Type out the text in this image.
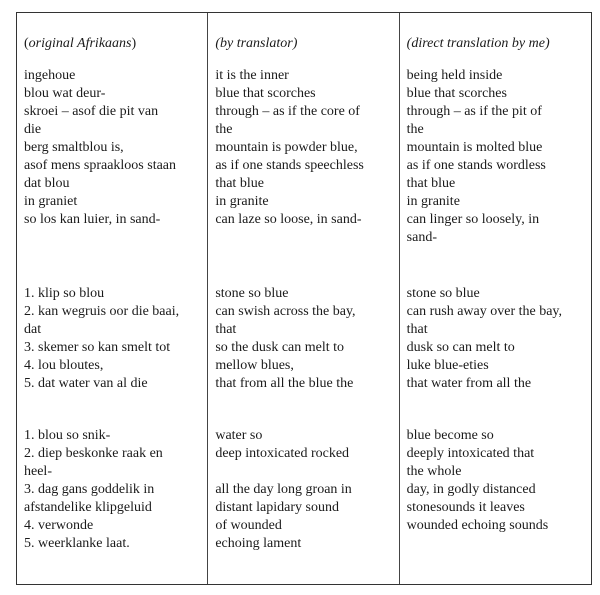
(original Afrikaans)
ingehoue
blou wat deur-
skroei – asof die pit van
die
berg smaltblou is,
asof mens spraakloos staan
dat blou
in graniet
so los kan luier, in sand-
1. klip so blou
2. kan wegruis oor die baai,
dat
3. skemer so kan smelt tot
4. lou bloutes,
5. dat water van al die
1. blou so snik-
2. diep beskonke raak en
heel-
3. dag gans goddelik in
afstandelike klipgeluid
4. verwonde
5. weerklanke laat.
(by translator)
it is the inner
blue that scorches
through – as if the core of
the
mountain is powder blue,
as if one stands speechless
that blue
in granite
can laze so loose, in sand-
stone so blue
can swish across the bay,
that
so the dusk can melt to
mellow blues,
that from all the blue the
water so
deep intoxicated rocked
all the day long groan in
distant lapidary sound
of wounded
echoing lament
(direct translation by me)
being held inside
blue that scorches
through – as if the pit of
the
mountain is molted blue
as if one stands wordless
that blue
in granite
can linger so loosely, in
sand-
stone so blue
can rush away over the bay,
that
dusk so can melt to
luke blue-eties
that water from all the
blue become so
deeply intoxicated that
the whole
day, in godly distanced
stonesounds it leaves
wounded echoing sounds
